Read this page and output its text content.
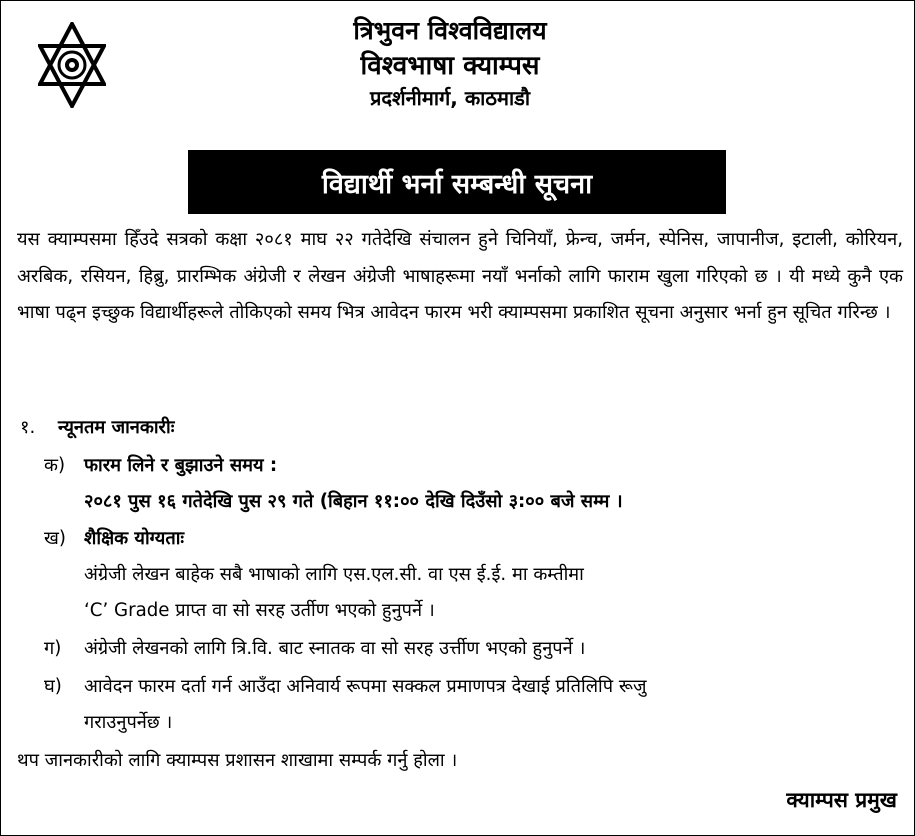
त्रिभुवन विश्वविद्यालय
विश्वभाषा क्याम्पस
प्रदर्शनीमार्ग, काठमाडौ
विद्यार्थी भर्ना सम्बन्धी सूचना

यस क्याम्पसमा हिँउदे सत्रको कक्षा २०८१ माघ २२ गतेदेखि संचालन हुने चिनियाँ, फ्रेन्च, जर्मन, स्पेनिस, जापानीज, इटाली, कोरियन, अरबिक, रसियन, हिब्रु, प्रारम्भिक अंग्रेजी र लेखन अंग्रेजी भाषाहरूमा नयाँ भर्नाको लागि फाराम खुला गरिएको छ । यी मध्ये कुनै एक भाषा पढ्न इच्छुक विद्यार्थीहरूले तोकिएको समय भित्र आवेदन फारम भरी क्याम्पसमा प्रकाशित सूचना अनुसार भर्ना हुन सूचित गरिन्छ ।

१. न्यूनतम जानकारीः
क) फारम लिने र बुझाउने समय :
२०८१ पुस १६ गतेदेखि पुस २९ गते (बिहान ११:०० देखि दिउँसो ३:०० बजे सम्म ।
ख) शैक्षिक योग्यताः
अंग्रेजी लेखन बाहेक सबै भाषाको लागि एस.एल.सी. वा एस ई.ई. मा कम्तीमा
‘C’ Grade प्राप्त वा सो सरह उर्तीण भएको हुनुपर्ने ।
ग) अंग्रेजी लेखनको लागि त्रि.वि. बाट स्नातक वा सो सरह उर्त्तीण भएको हुनुपर्ने ।
घ) आवेदन फारम दर्ता गर्न आउँदा अनिवार्य रूपमा सक्कल प्रमाणपत्र देखाई प्रतिलिपि रूजु
गराउनुपर्नेछ ।
थप जानकारीको लागि क्याम्पस प्रशासन शाखामा सम्पर्क गर्नु होला ।
क्याम्पस प्रमुख
